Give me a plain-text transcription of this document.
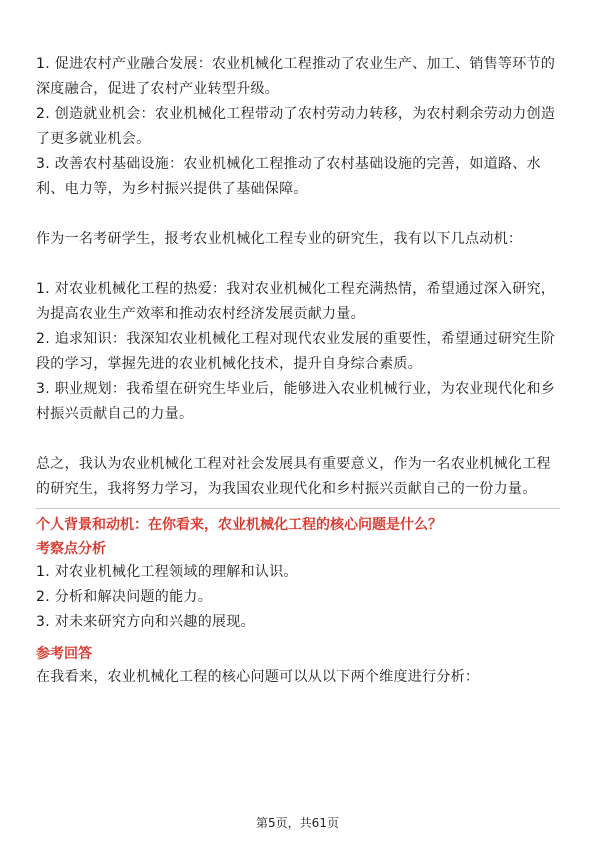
1. 促进农村产业融合发展：农业机械化工程推动了农业生产、加工、销售等环节的深度融合，促进了农村产业转型升级。

2. 创造就业机会：农业机械化工程带动了农村劳动力转移，为农村剩余劳动力创造了更多就业机会。

3. 改善农村基础设施：农业机械化工程推动了农村基础设施的完善，如道路、水利、电力等，为乡村振兴提供了基础保障。

作为一名考研学生，报考农业机械化工程专业的研究生，我有以下几点动机：

1. 对农业机械化工程的热爱：我对农业机械化工程充满热情，希望通过深入研究，为提高农业生产效率和推动农村经济发展贡献力量。

2. 追求知识：我深知农业机械化工程对现代农业发展的重要性，希望通过研究生阶段的学习，掌握先进的农业机械化技术，提升自身综合素质。

3. 职业规划：我希望在研究生毕业后，能够进入农业机械行业，为农业现代化和乡村振兴贡献自己的力量。

总之，我认为农业机械化工程对社会发展具有重要意义，作为一名农业机械化工程的研究生，我将努力学习，为我国农业现代化和乡村振兴贡献自己的一份力量。

个人背景和动机：在你看来，农业机械化工程的核心问题是什么？

考察点分析

1. 对农业机械化工程领域的理解和认识。

2. 分析和解决问题的能力。

3. 对未来研究方向和兴趣的展现。

参考回答

在我看来，农业机械化工程的核心问题可以从以下两个维度进行分析：

第5页，共61页
